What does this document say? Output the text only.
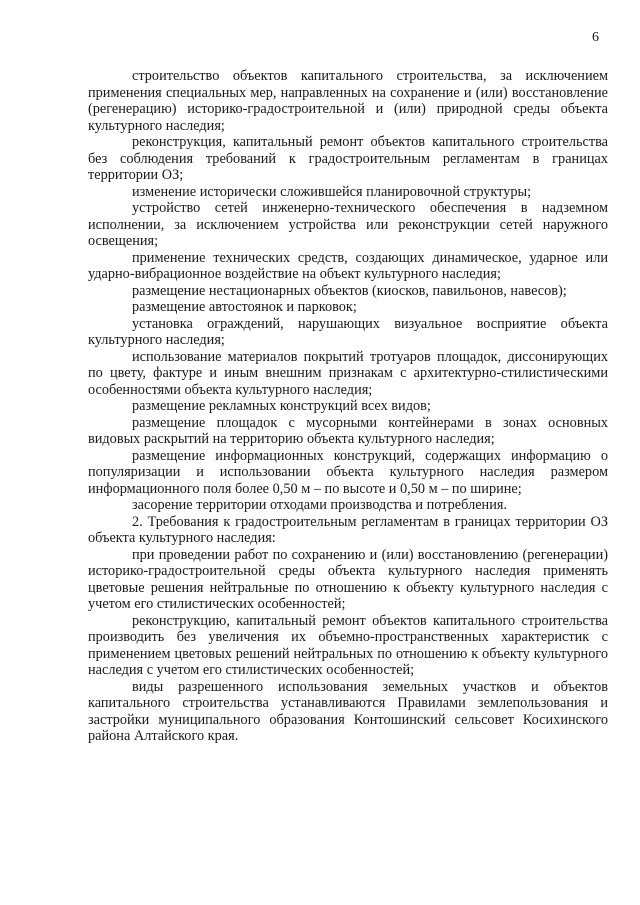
6

строительство объектов капитального строительства, за исключением применения специальных мер, направленных на сохранение и (или) восстановление (регенерацию) историко-градостроительной и (или) природной среды объекта культурного наследия;

реконструкция, капитальный ремонт объектов капитального строительства без соблюдения требований к градостроительным регламентам в границах территории ОЗ;

изменение исторически сложившейся планировочной структуры;

устройство сетей инженерно-технического обеспечения в надземном исполнении, за исключением устройства или реконструкции сетей наружного освещения;

применение технических средств, создающих динамическое, ударное или ударно-вибрационное воздействие на объект культурного наследия;

размещение нестационарных объектов (киосков, павильонов, навесов);

размещение автостоянок и парковок;

установка ограждений, нарушающих визуальное восприятие объекта культурного наследия;

использование материалов покрытий тротуаров площадок, диссонирующих по цвету, фактуре и иным внешним признакам с архитектурно-стилистическими особенностями объекта культурного наследия;

размещение рекламных конструкций всех видов;

размещение площадок с мусорными контейнерами в зонах основных видовых раскрытий на территорию объекта культурного наследия;

размещение информационных конструкций, содержащих информацию о популяризации и использовании объекта культурного наследия размером информационного поля более 0,50 м – по высоте и 0,50 м – по ширине;

засорение территории отходами производства и потребления.

2. Требования к градостроительным регламентам в границах территории ОЗ объекта культурного наследия:

при проведении работ по сохранению и (или) восстановлению (регенерации) историко-градостроительной среды объекта культурного наследия применять цветовые решения нейтральные по отношению к объекту культурного наследия с учетом его стилистических особенностей;

реконструкцию, капитальный ремонт объектов капитального строительства производить без увеличения их объемно-пространственных характеристик с применением цветовых решений нейтральных по отношению к объекту культурного наследия с учетом его стилистических особенностей;

виды разрешенного использования земельных участков и объектов капитального строительства устанавливаются Правилами землепользования и застройки муниципального образования Контошинский сельсовет Косихинского района Алтайского края.
